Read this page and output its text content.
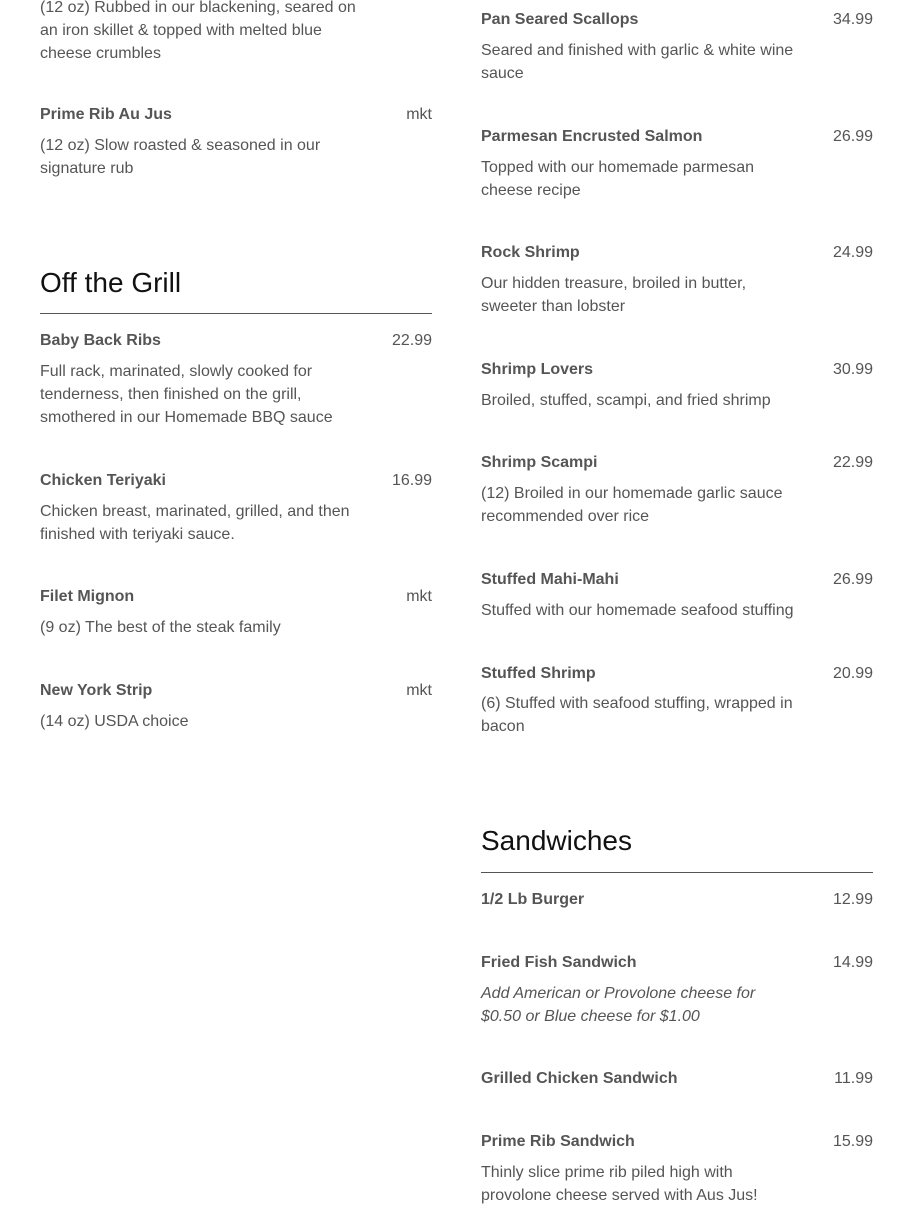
(12 oz) Rubbed in our blackening, seared on an iron skillet & topped with melted blue cheese crumbles
Prime Rib Au Jus	mkt
(12 oz) Slow roasted & seasoned in our signature rub
Off the Grill
Baby Back Ribs	22.99
Full rack, marinated, slowly cooked for tenderness, then finished on the grill, smothered in our Homemade BBQ sauce
Chicken Teriyaki	16.99
Chicken breast, marinated, grilled, and then finished with teriyaki sauce.
Filet Mignon	mkt
(9 oz) The best of the steak family
New York Strip	mkt
(14 oz) USDA choice
Pan Seared Scallops	34.99
Seared and finished with garlic & white wine sauce
Parmesan Encrusted Salmon	26.99
Topped with our homemade parmesan cheese recipe
Rock Shrimp	24.99
Our hidden treasure, broiled in butter, sweeter than lobster
Shrimp Lovers	30.99
Broiled, stuffed, scampi, and fried shrimp
Shrimp Scampi	22.99
(12) Broiled in our homemade garlic sauce recommended over rice
Stuffed Mahi-Mahi	26.99
Stuffed with our homemade seafood stuffing
Stuffed Shrimp	20.99
(6) Stuffed with seafood stuffing, wrapped in bacon
Sandwiches
1/2 Lb Burger	12.99
Fried Fish Sandwich	14.99
Add American or Provolone cheese for $0.50 or Blue cheese for $1.00
Grilled Chicken Sandwich	11.99
Prime Rib Sandwich	15.99
Thinly slice prime rib piled high with provolone cheese served with Aus Jus!
